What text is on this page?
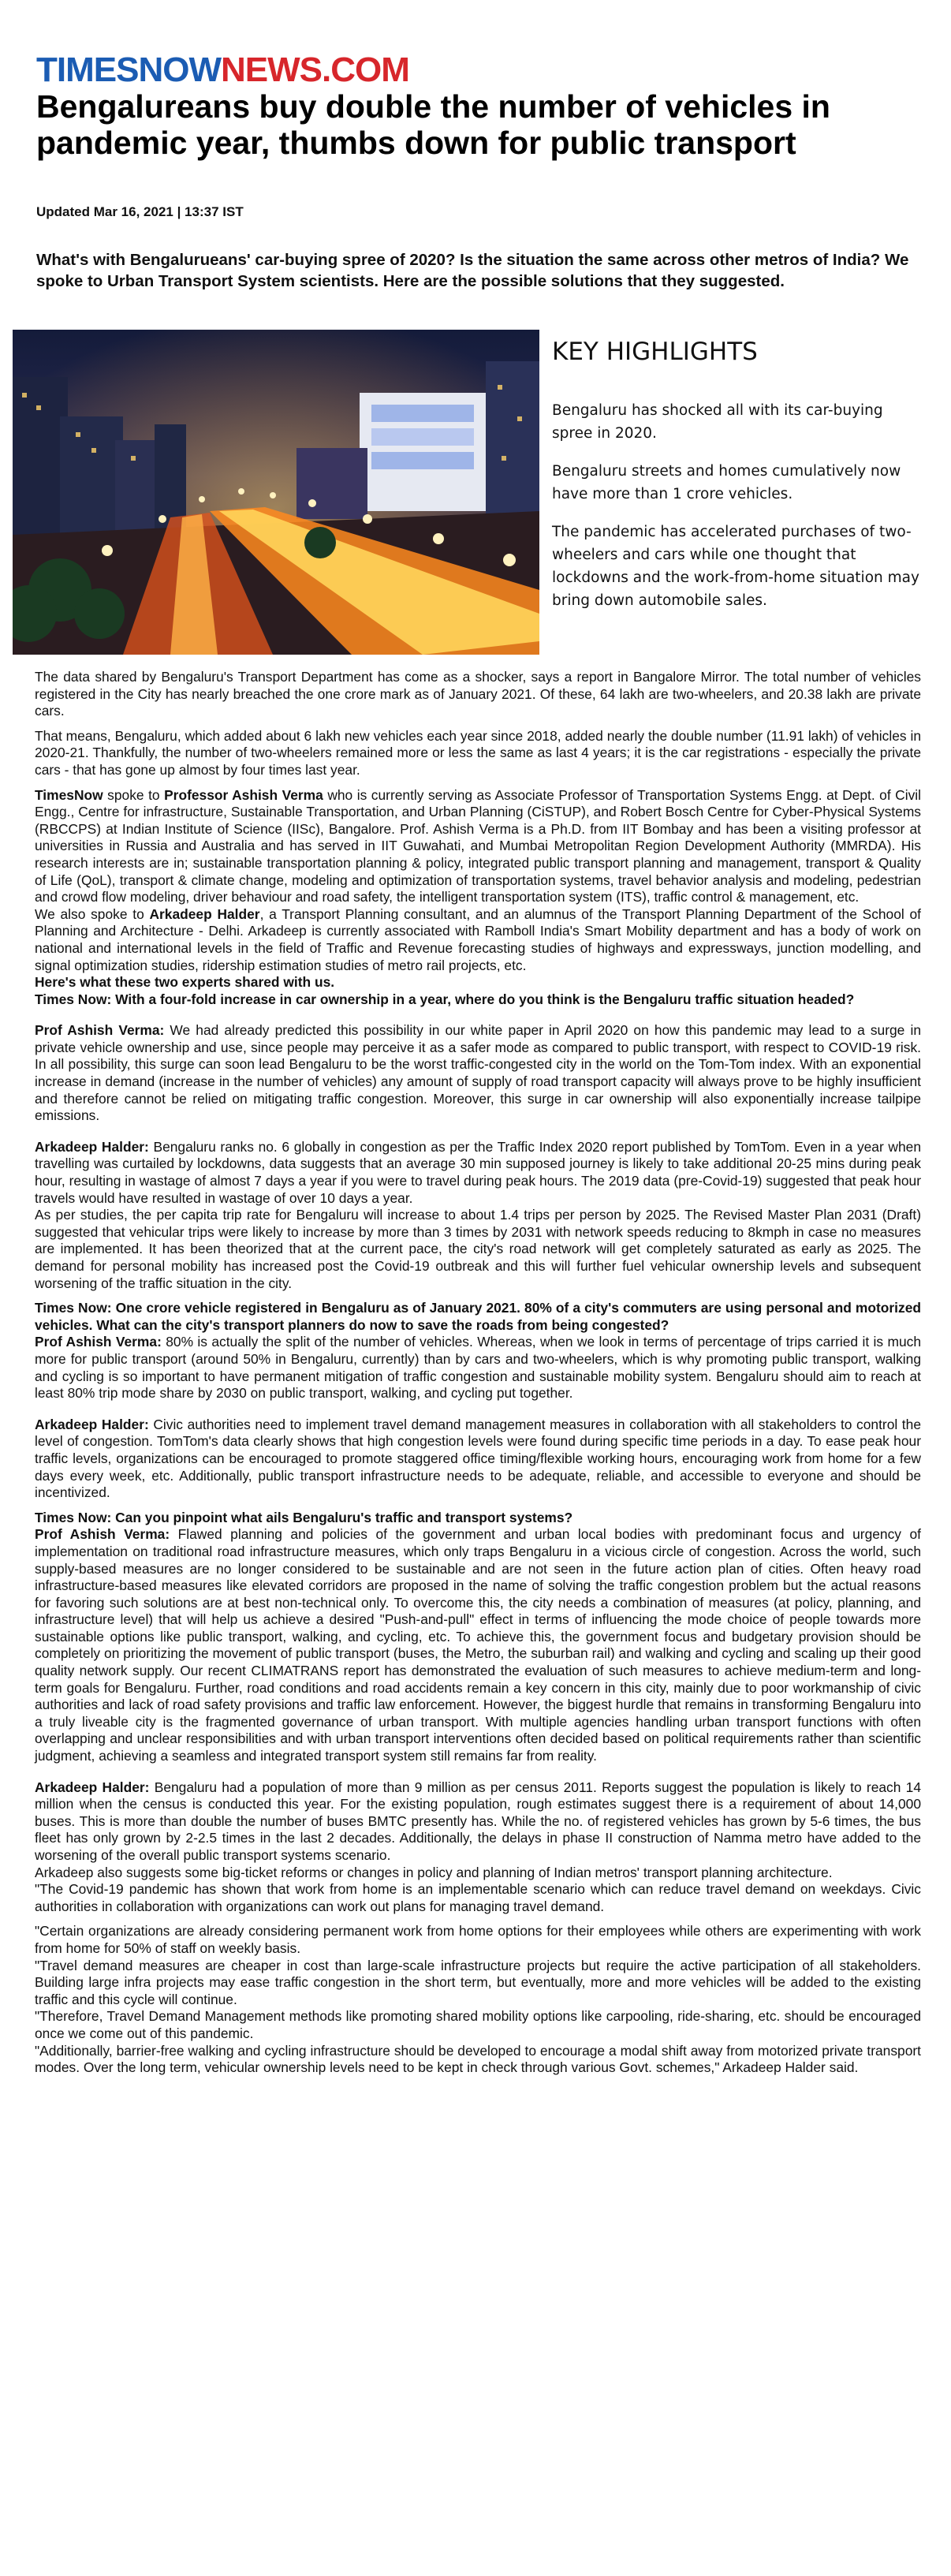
TIMESNOWNEWS.COM
Bengalureans buy double the number of vehicles in pandemic year, thumbs down for public transport
Updated Mar 16, 2021 | 13:37 IST

What's with Bengalurueans' car-buying spree of 2020? Is the situation the same across other metros of India? We spoke to Urban Transport System scientists. Here are the possible solutions that they suggested.

KEY HIGHLIGHTS

Bengaluru has shocked all with its car-buying spree in 2020.

Bengaluru streets and homes cumulatively now have more than 1 crore vehicles.

The pandemic has accelerated purchases of two-wheelers and cars while one thought that lockdowns and the work-from-home situation may bring down automobile sales.

The data shared by Bengaluru's Transport Department has come as a shocker, says a report in Bangalore Mirror. The total number of vehicles registered in the City has nearly breached the one crore mark as of January 2021. Of these, 64 lakh are two-wheelers, and 20.38 lakh are private cars.

That means, Bengaluru, which added about 6 lakh new vehicles each year since 2018, added nearly the double number (11.91 lakh) of vehicles in 2020-21. Thankfully, the number of two-wheelers remained more or less the same as last 4 years; it is the car registrations - especially the private cars - that has gone up almost by four times last year.

TimesNow spoke to Professor Ashish Verma who is currently serving as Associate Professor of Transportation Systems Engg. at Dept. of Civil Engg., Centre for infrastructure, Sustainable Transportation, and Urban Planning (CiSTUP), and Robert Bosch Centre for Cyber-Physical Systems (RBCCPS) at Indian Institute of Science (IISc), Bangalore. Prof. Ashish Verma is a Ph.D. from IIT Bombay and has been a visiting professor at universities in Russia and Australia and has served in IIT Guwahati, and Mumbai Metropolitan Region Development Authority (MMRDA). His research interests are in; sustainable transportation planning & policy, integrated public transport planning and management, transport & Quality of Life (QoL), transport & climate change, modeling and optimization of transportation systems, travel behavior analysis and modeling, pedestrian and crowd flow modeling, driver behaviour and road safety, the intelligent transportation system (ITS), traffic control & management, etc.

We also spoke to Arkadeep Halder, a Transport Planning consultant, and an alumnus of the Transport Planning Department of the School of Planning and Architecture - Delhi. Arkadeep is currently associated with Ramboll India's Smart Mobility department and has a body of work on national and international levels in the field of Traffic and Revenue forecasting studies of highways and expressways, junction modelling, and signal optimization studies, ridership estimation studies of metro rail projects, etc.

Here's what these two experts shared with us.

Times Now: With a four-fold increase in car ownership in a year, where do you think is the Bengaluru traffic situation headed?

Prof Ashish Verma: We had already predicted this possibility in our white paper in April 2020 on how this pandemic may lead to a surge in private vehicle ownership and use, since people may perceive it as a safer mode as compared to public transport, with respect to COVID-19 risk. In all possibility, this surge can soon lead Bengaluru to be the worst traffic-congested city in the world on the Tom-Tom index. With an exponential increase in demand (increase in the number of vehicles) any amount of supply of road transport capacity will always prove to be highly insufficient and therefore cannot be relied on mitigating traffic congestion. Moreover, this surge in car ownership will also exponentially increase tailpipe emissions.

Arkadeep Halder: Bengaluru ranks no. 6 globally in congestion as per the Traffic Index 2020 report published by TomTom. Even in a year when travelling was curtailed by lockdowns, data suggests that an average 30 min supposed journey is likely to take additional 20-25 mins during peak hour, resulting in wastage of almost 7 days a year if you were to travel during peak hours. The 2019 data (pre-Covid-19) suggested that peak hour travels would have resulted in wastage of over 10 days a year.

As per studies, the per capita trip rate for Bengaluru will increase to about 1.4 trips per person by 2025. The Revised Master Plan 2031 (Draft) suggested that vehicular trips were likely to increase by more than 3 times by 2031 with network speeds reducing to 8kmph in case no measures are implemented. It has been theorized that at the current pace, the city's road network will get completely saturated as early as 2025. The demand for personal mobility has increased post the Covid-19 outbreak and this will further fuel vehicular ownership levels and subsequent worsening of the traffic situation in the city.

Times Now: One crore vehicle registered in Bengaluru as of January 2021. 80% of a city's commuters are using personal and motorized vehicles. What can the city's transport planners do now to save the roads from being congested?

Prof Ashish Verma: 80% is actually the split of the number of vehicles. Whereas, when we look in terms of percentage of trips carried it is much more for public transport (around 50% in Bengaluru, currently) than by cars and two-wheelers, which is why promoting public transport, walking and cycling is so important to have permanent mitigation of traffic congestion and sustainable mobility system. Bengaluru should aim to reach at least 80% trip mode share by 2030 on public transport, walking, and cycling put together.

Arkadeep Halder: Civic authorities need to implement travel demand management measures in collaboration with all stakeholders to control the level of congestion. TomTom's data clearly shows that high congestion levels were found during specific time periods in a day. To ease peak hour traffic levels, organizations can be encouraged to promote staggered office timing/flexible working hours, encouraging work from home for a few days every week, etc. Additionally, public transport infrastructure needs to be adequate, reliable, and accessible to everyone and should be incentivized.

Times Now: Can you pinpoint what ails Bengaluru's traffic and transport systems?

Prof Ashish Verma: Flawed planning and policies of the government and urban local bodies with predominant focus and urgency of implementation on traditional road infrastructure measures, which only traps Bengaluru in a vicious circle of congestion. Across the world, such supply-based measures are no longer considered to be sustainable and are not seen in the future action plan of cities. Often heavy road infrastructure-based measures like elevated corridors are proposed in the name of solving the traffic congestion problem but the actual reasons for favoring such solutions are at best non-technical only. To overcome this, the city needs a combination of measures (at policy, planning, and infrastructure level) that will help us achieve a desired "Push-and-pull" effect in terms of influencing the mode choice of people towards more sustainable options like public transport, walking, and cycling, etc. To achieve this, the government focus and budgetary provision should be completely on prioritizing the movement of public transport (buses, the Metro, the suburban rail) and walking and cycling and scaling up their good quality network supply. Our recent CLIMATRANS report has demonstrated the evaluation of such measures to achieve medium-term and long-term goals for Bengaluru. Further, road conditions and road accidents remain a key concern in this city, mainly due to poor workmanship of civic authorities and lack of road safety provisions and traffic law enforcement. However, the biggest hurdle that remains in transforming Bengaluru into a truly liveable city is the fragmented governance of urban transport. With multiple agencies handling urban transport functions with often overlapping and unclear responsibilities and with urban transport interventions often decided based on political requirements rather than scientific judgment, achieving a seamless and integrated transport system still remains far from reality.

Arkadeep Halder: Bengaluru had a population of more than 9 million as per census 2011. Reports suggest the population is likely to reach 14 million when the census is conducted this year. For the existing population, rough estimates suggest there is a requirement of about 14,000 buses. This is more than double the number of buses BMTC presently has. While the no. of registered vehicles has grown by 5-6 times, the bus fleet has only grown by 2-2.5 times in the last 2 decades. Additionally, the delays in phase II construction of Namma metro have added to the worsening of the overall public transport systems scenario.

Arkadeep also suggests some big-ticket reforms or changes in policy and planning of Indian metros' transport planning architecture.

"The Covid-19 pandemic has shown that work from home is an implementable scenario which can reduce travel demand on weekdays. Civic authorities in collaboration with organizations can work out plans for managing travel demand.

"Certain organizations are already considering permanent work from home options for their employees while others are experimenting with work from home for 50% of staff on weekly basis.

"Travel demand measures are cheaper in cost than large-scale infrastructure projects but require the active participation of all stakeholders. Building large infra projects may ease traffic congestion in the short term, but eventually, more and more vehicles will be added to the existing traffic and this cycle will continue.

"Therefore, Travel Demand Management methods like promoting shared mobility options like carpooling, ride-sharing, etc. should be encouraged once we come out of this pandemic.

"Additionally, barrier-free walking and cycling infrastructure should be developed to encourage a modal shift away from motorized private transport modes. Over the long term, vehicular ownership levels need to be kept in check through various Govt. schemes," Arkadeep Halder said.
